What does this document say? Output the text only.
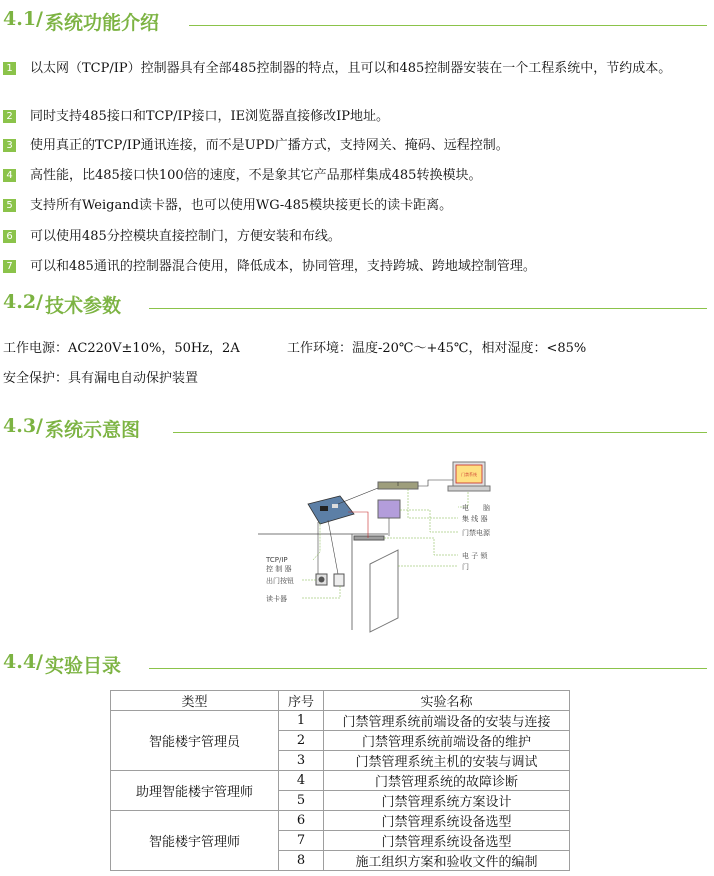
4.1/ 系统功能介绍
1 以太网（TCP/IP）控制器具有全部485控制器的特点，且可以和485控制器安装在一个工程系统中，节约成本。
2 同时支持485接口和TCP/IP接口，IE浏览器直接修改IP地址。
3 使用真正的TCP/IP通讯连接，而不是UPD广播方式，支持网关、掩码、远程控制。
4 高性能，比485接口快100倍的速度，不是象其它产品那样集成485转换模块。
5 支持所有Weigand读卡器，也可以使用WG-485模块接更长的读卡距离。
6 可以使用485分控模块直接控制门，方便安装和布线。
7 可以和485通讯的控制器混合使用，降低成本，协同管理，支持跨城、跨地域控制管理。
4.2/ 技术参数
工作电源：AC220V±10%，50Hz，2A	工作环境：温度-20℃～+45℃，相对湿度：<85%
安全保护：具有漏电自动保护装置
4.3/ 系统示意图
门禁系统
电　　脑
集 线 器
门禁电源
电 子 锁
门
TCP/IP
控 制 器
出门按钮
读卡器
4.4/ 实验目录
类型	序号	实验名称
智能楼宇管理员	1	门禁管理系统前端设备的安装与连接
	2	门禁管理系统前端设备的维护
	3	门禁管理系统主机的安装与调试
助理智能楼宇管理师	4	门禁管理系统的故障诊断
	5	门禁管理系统方案设计
智能楼宇管理师	6	门禁管理系统设备选型
	7	门禁管理系统设备选型
	8	施工组织方案和验收文件的编制
